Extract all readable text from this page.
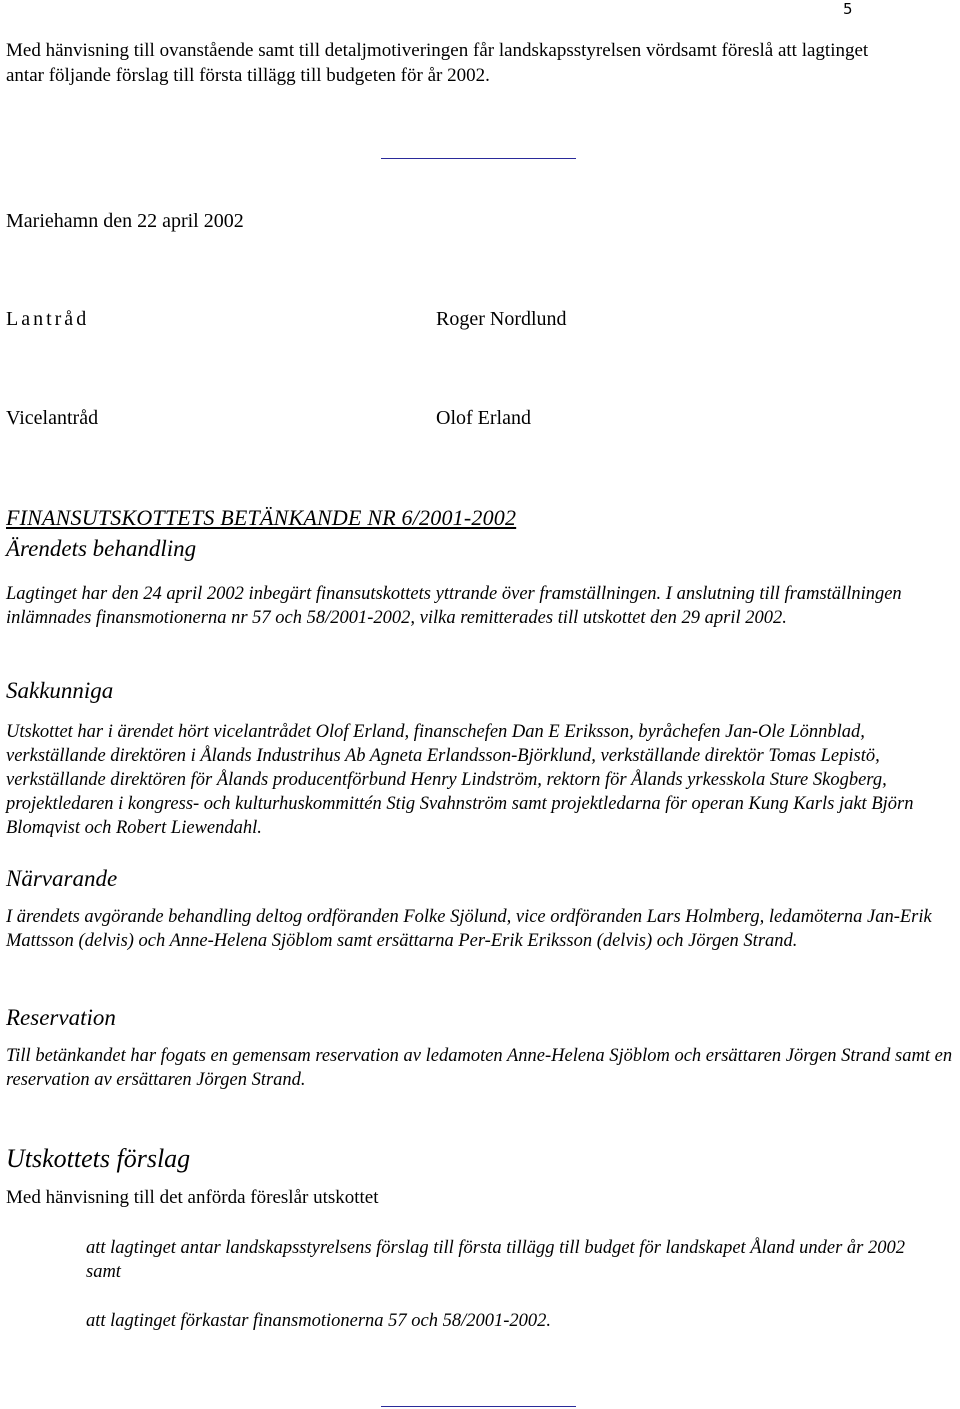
5
Med hänvisning till ovanstående samt till detaljmotiveringen får landskapsstyrelsen vördsamt föreslå att lagtinget antar följande förslag till första tillägg till budgeten för år 2002.
Mariehamn den 22 april 2002
Lantråd	Roger Nordlund
Vicelantråd	Olof Erland
FINANSUTSKOTTETS BETÄNKANDE NR 6/2001-2002
Ärendets behandling
Lagtinget har den 24 april 2002 inbegärt finansutskottets yttrande över framställningen. I anslutning till framställningen inlämnades finansmotionerna nr 57 och 58/2001-2002, vilka remitterades till utskottet den 29 april 2002.
Sakkunniga
Utskottet har i ärendet hört vicelantrådet Olof Erland, finanschefen Dan E Eriksson, byråchefen Jan-Ole Lönnblad, verkställande direktören i Ålands Industrihus Ab Agneta Erlandsson-Björklund, verkställande direktör Tomas Lepistö, verkställande direktören för Ålands producentförbund Henry Lindström, rektorn för Ålands yrkesskola Sture Skogberg, projektledaren i kongress- och kulturhuskommittén Stig Svahnström samt projektledarna för operan Kung Karls jakt Björn Blomqvist och Robert Liewendahl.
Närvarande
I ärendets avgörande behandling deltog ordföranden Folke Sjölund, vice ordföranden Lars Holmberg, ledamöterna Jan-Erik Mattsson (delvis) och Anne-Helena Sjöblom samt ersättarna Per-Erik Eriksson (delvis) och Jörgen Strand.
Reservation
Till betänkandet har fogats en gemensam reservation av ledamoten Anne-Helena Sjöblom och ersättaren Jörgen Strand samt en reservation av ersättaren Jörgen Strand.
Utskottets förslag
Med hänvisning till det anförda föreslår utskottet
att lagtinget antar landskapsstyrelsens förslag till första tillägg till budget för landskapet Åland under år 2002 samt
att lagtinget förkastar finansmotionerna 57 och 58/2001-2002.
